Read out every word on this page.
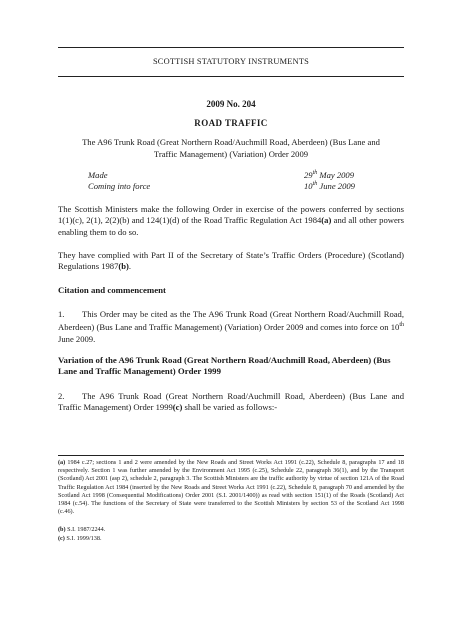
SCOTTISH STATUTORY INSTRUMENTS
2009 No. 204
ROAD TRAFFIC
The A96 Trunk Road (Great Northern Road/Auchmill Road, Aberdeen) (Bus Lane and
Traffic Management) (Variation) Order 2009
Made	29th May 2009
Coming into force	10th June 2009
The Scottish Ministers make the following Order in exercise of the powers conferred by sections 1(1)(c), 2(1), 2(2)(b) and 124(1)(d) of the Road Traffic Regulation Act 1984(a) and all other powers enabling them to do so.
They have complied with Part II of the Secretary of State’s Traffic Orders (Procedure) (Scotland) Regulations 1987(b).
Citation and commencement
1. This Order may be cited as the The A96 Trunk Road (Great Northern Road/Auchmill Road, Aberdeen) (Bus Lane and Traffic Management) (Variation) Order 2009 and comes into force on 10th June 2009.
Variation of the A96 Trunk Road (Great Northern Road/Auchmill Road, Aberdeen) (Bus Lane and Traffic Management) Order 1999
2. The A96 Trunk Road (Great Northern Road/Auchmill Road, Aberdeen) (Bus Lane and Traffic Management) Order 1999(c) shall be varied as follows:-
(a) 1984 c.27; sections 1 and 2 were amended by the New Roads and Street Works Act 1991 (c.22), Schedule 8, paragraphs 17 and 18 respectively. Section 1 was further amended by the Environment Act 1995 (c.25), Schedule 22, paragraph 36(1), and by the Transport (Scotland) Act 2001 (asp 2), schedule 2, paragraph 3. The Scottish Ministers are the traffic authority by virtue of section 121A of the Road Traffic Regulation Act 1984 (inserted by the New Roads and Street Works Act 1991 (c.22), Schedule 8, paragraph 70 and amended by the Scotland Act 1998 (Consequential Modifications) Order 2001 (S.I. 2001/1400)) as read with section 151(1) of the Roads (Scotland) Act 1984 (c.54). The functions of the Secretary of State were transferred to the Scottish Ministers by section 53 of the Scotland Act 1998 (c.46).
(b) S.I. 1987/2244.
(c) S.I. 1999/138.
